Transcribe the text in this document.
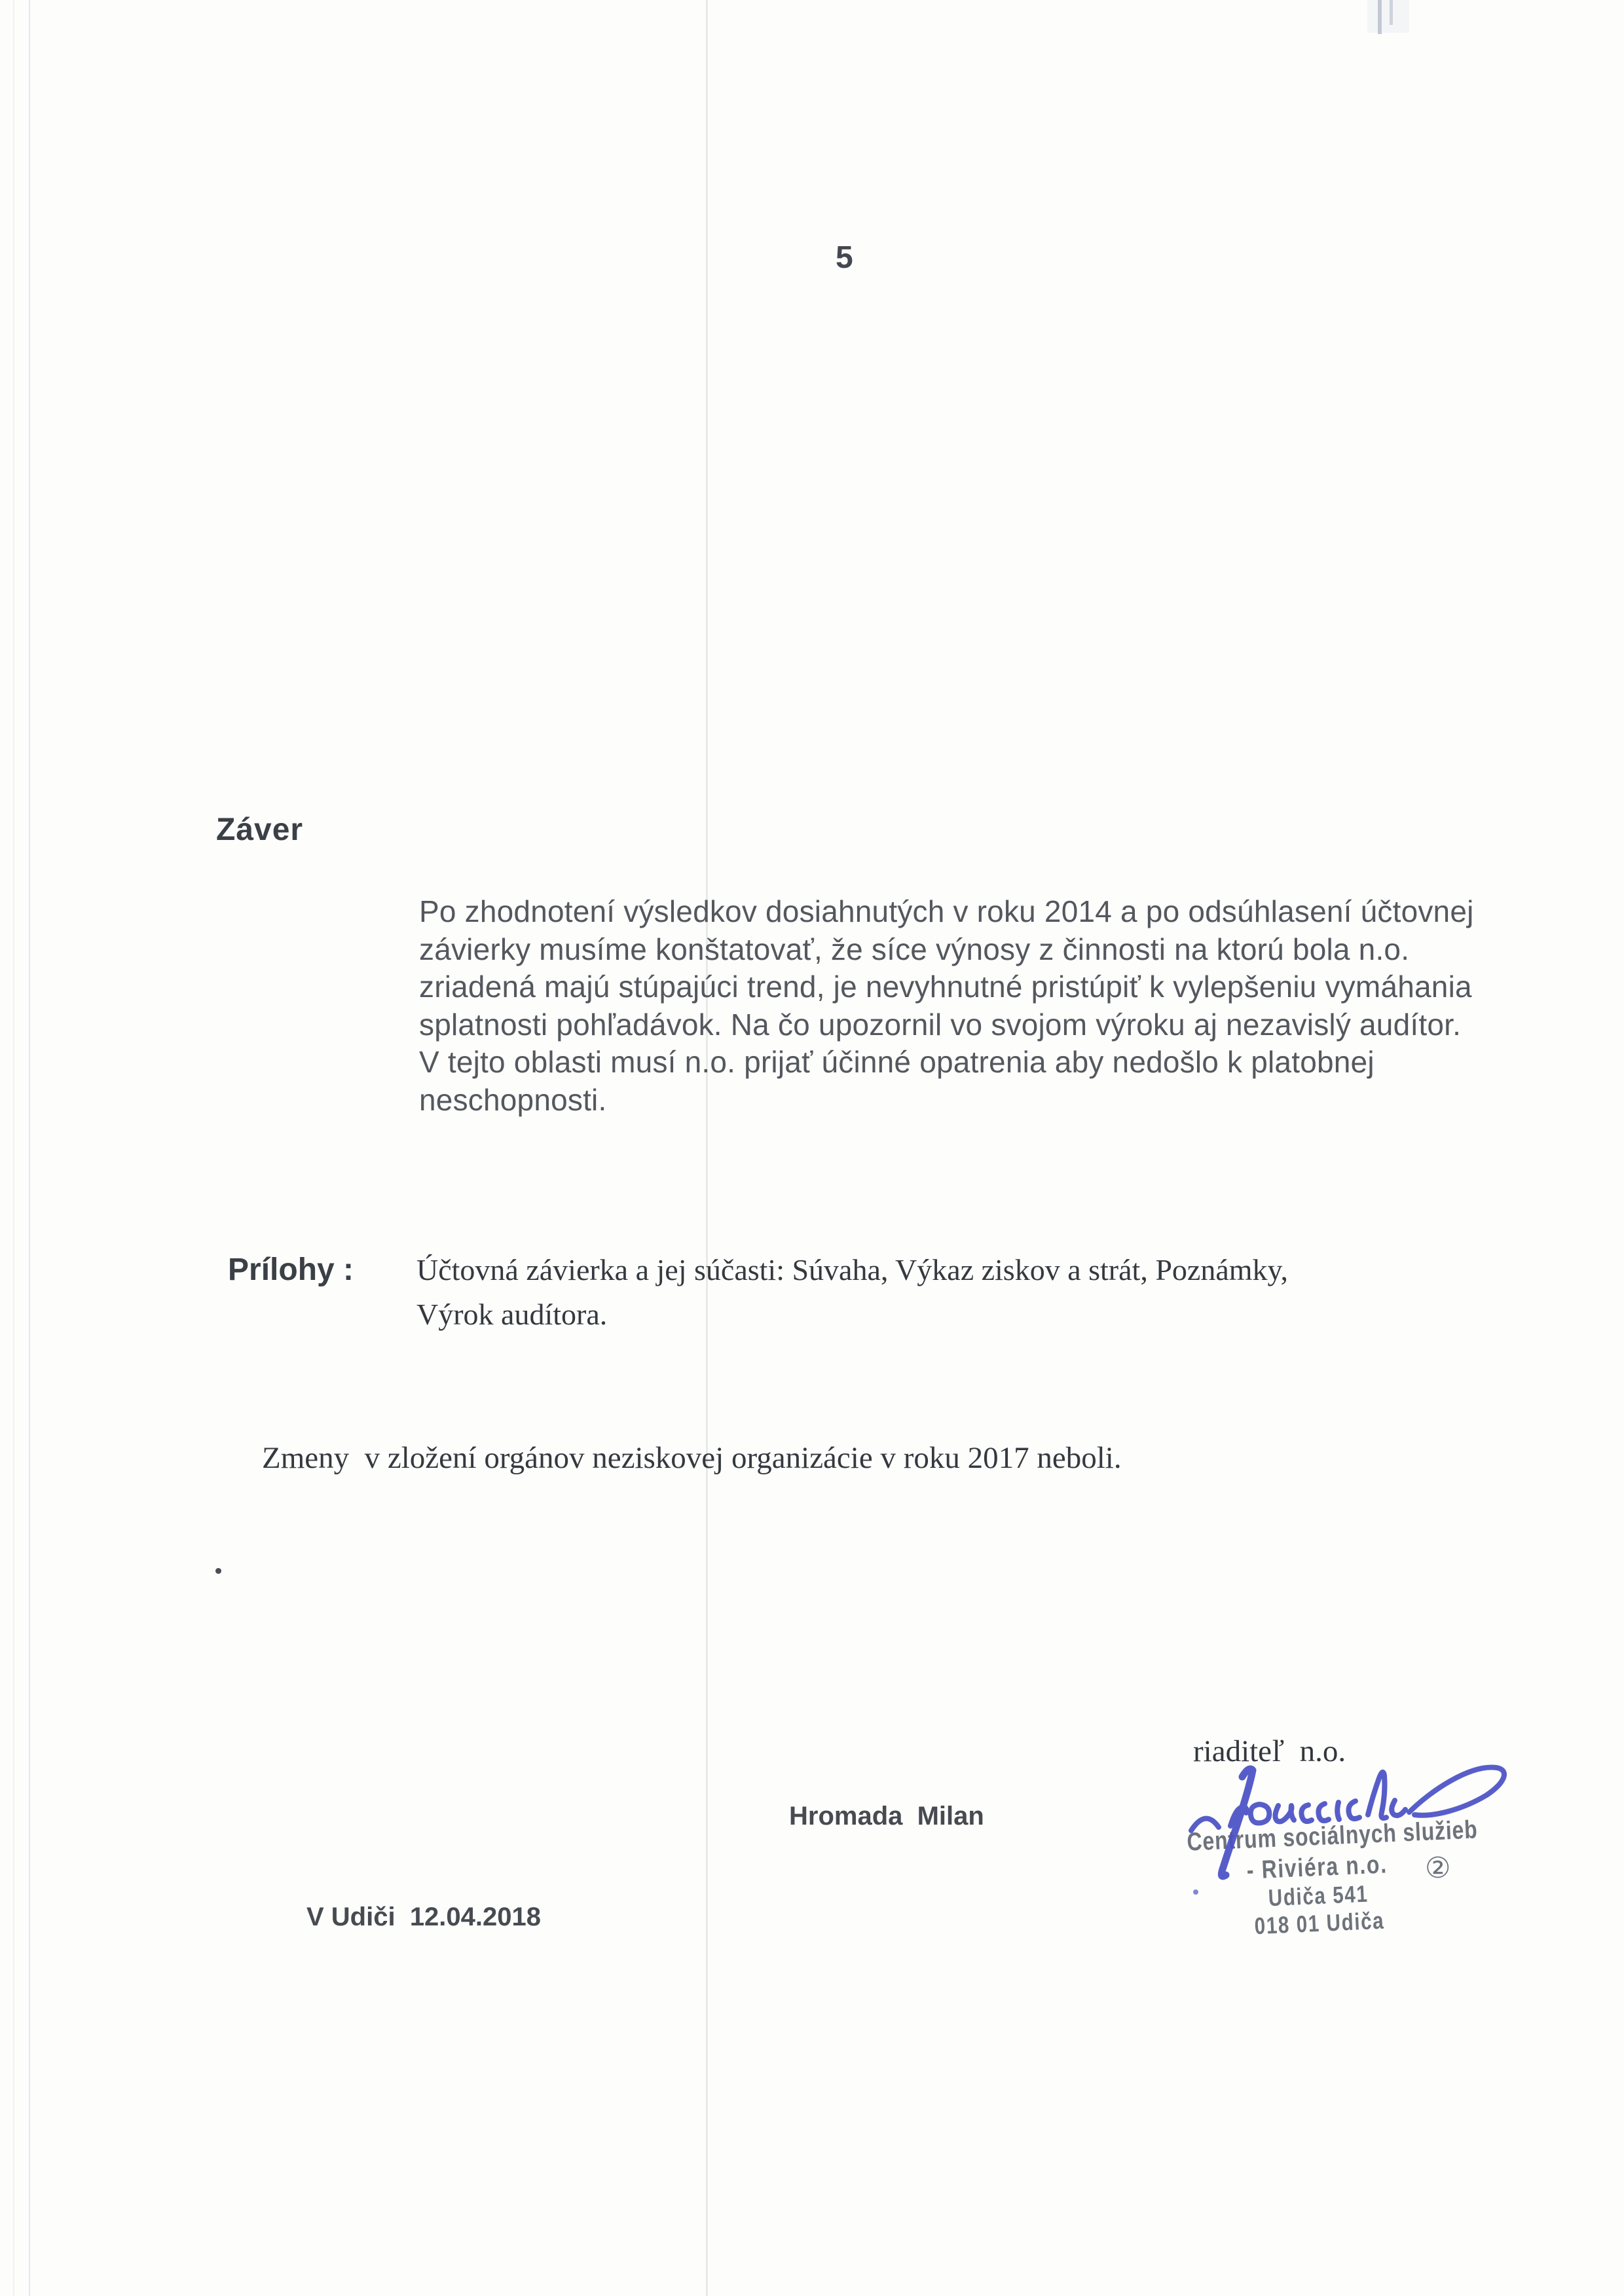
5
Záver
Po zhodnotení výsledkov dosiahnutých v roku 2014 a po odsúhlasení účtovnej
závierky musíme konštatovať, že síce výnosy z činnosti na ktorú bola n.o.
zriadená majú stúpajúci trend, je nevyhnutné pristúpiť k vylepšeniu vymáhania
splatnosti pohľadávok. Na čo upozornil vo svojom výroku aj nezavislý audítor.
V tejto oblasti musí n.o. prijať účinné opatrenia aby nedošlo k platobnej
neschopnosti.
Prílohy : Účtovná závierka a jej súčasti: Súvaha, Výkaz ziskov a strát, Poznámky,
Výrok audítora.
Zmeny  v zložení orgánov neziskovej organizácie v roku 2017 neboli.
riaditeľ  n.o.
Hromada  Milan
V Udiči  12.04.2018
Centrum sociálnych služieb
- Riviéra n.o.
Udiča 541
018 01 Udiča
②
